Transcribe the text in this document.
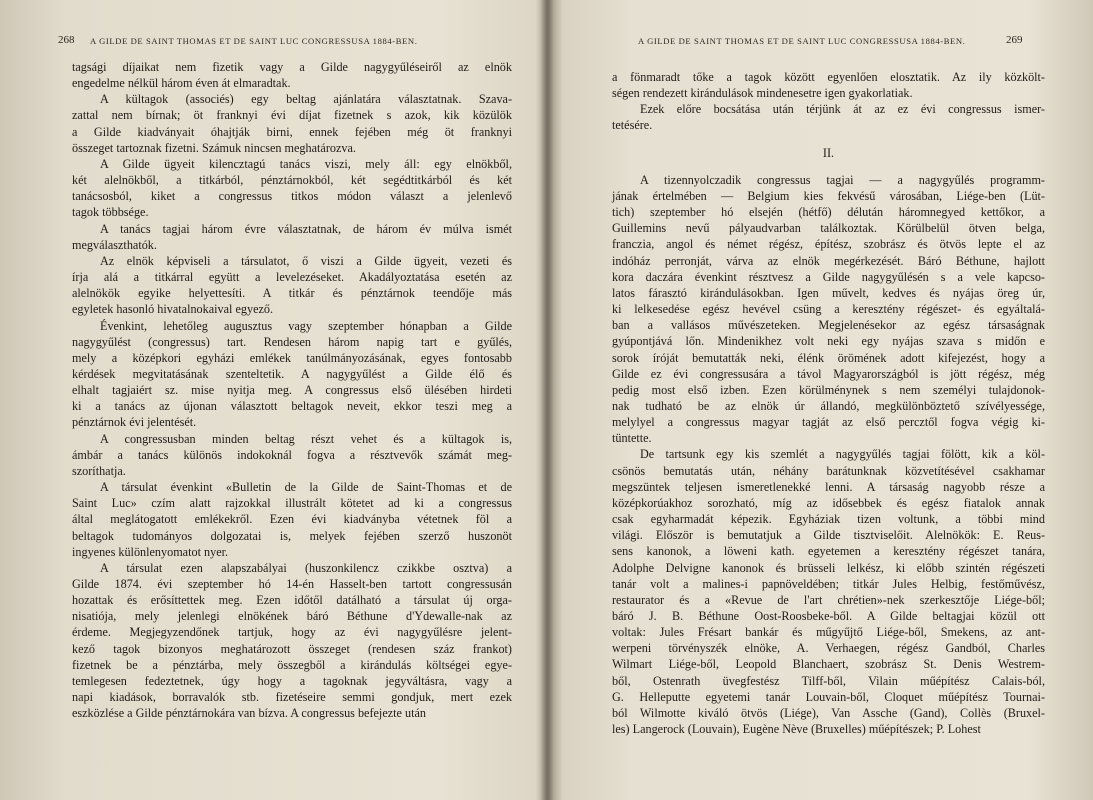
268 A GILDE DE SAINT THOMAS ET DE SAINT LUC CONGRESSUSA 1884-BEN.
tagsági díjaikat nem fizetik vagy a Gilde nagygyűléseiről az elnök
engedelme nélkül három éven át elmaradtak.
A kültagok (associés) egy beltag ajánlatára választatnak. Szava-
zattal nem bírnak; öt franknyi évi díjat fizetnek s azok, kik közülök
a Gilde kiadványait óhajtják birni, ennek fejében még öt franknyi
összeget tartoznak fizetni. Számuk nincsen meghatározva.
A Gilde ügyeit kilencztagú tanács viszi, mely áll: egy elnökből,
két alelnökből, a titkárból, pénztárnokból, két segédtitkárból és két
tanácsosból, kiket a congressus titkos módon választ a jelenlevő
tagok többsége.
A tanács tagjai három évre választatnak, de három év múlva ismét
megválaszthatók.
Az elnök képviseli a társulatot, ő viszi a Gilde ügyeit, vezeti és
írja alá a titkárral együtt a levelezéseket. Akadályoztatása esetén az
alelnökök egyike helyettesíti. A titkár és pénztárnok teendője más
egyletek hasonló hivatalnokaival egyező.
Évenkint, lehetőleg augusztus vagy szeptember hónapban a Gilde
nagygyűlést (congressus) tart. Rendesen három napig tart e gyűlés,
mely a középkori egyházi emlékek tanúlmányozásának, egyes fontosabb
kérdések megvitatásának szenteltetik. A nagygyűlést a Gilde élő és
elhalt tagjaiért sz. mise nyitja meg. A congressus első ülésében hirdeti
ki a tanács az újonan választott beltagok neveit, ekkor teszi meg a
pénztárnok évi jelentését.
A congressusban minden beltag részt vehet és a kültagok is,
ámbár a tanács különös indokoknál fogva a résztvevők számát meg-
szoríthatja.
A társulat évenkint «Bulletin de la Gilde de Saint-Thomas et de
Saint Luc» czím alatt rajzokkal illustrált kötetet ad ki a congressus
által meglátogatott emlékekről. Ezen évi kiadványba vétetnek föl a
beltagok tudományos dolgozatai is, melyek fejében szerző huszonöt
ingyenes különlenyomatot nyer.
A társulat ezen alapszabályai (huszonkilencz czikkbe osztva) a
Gilde 1874. évi szeptember hó 14-én Hasselt-ben tartott congressusán
hozattak és erősíttettek meg. Ezen időtől datálható a társulat új orga-
nisatiója, mely jelenlegi elnökének báró Béthune d'Ydewalle-nak az
érdeme. Megjegyzendőnek tartjuk, hogy az évi nagygyűlésre jelent-
kező tagok bizonyos meghatározott összeget (rendesen száz frankot)
fizetnek be a pénztárba, mely összegből a kirándulás költségei egye-
temlegesen fedeztetnek, úgy hogy a tagoknak jegyváltásra, vagy a
napi kiadások, borravalók stb. fizetéseire semmi gondjuk, mert ezek
eszközlése a Gilde pénztárnokára van bízva. A congressus befejezte után
A GILDE DE SAINT THOMAS ET DE SAINT LUC CONGRESSUSA 1884-BEN.	269
a fönmaradt tőke a tagok között egyenlően elosztatik. Az ily közkölt-
ségen rendezett kirándulások mindenesetre igen gyakorlatiak.
Ezek előre bocsátása után térjünk át az ez évi congressus ismer-
tetésére.
II.
A tizennyolczadik congressus tagjai — a nagygyűlés programm-
jának értelmében — Belgium kies fekvésű városában, Liége-ben (Lüt-
tich) szeptember hó elsején (hétfő) délután háromnegyed kettőkor, a
Guillemins nevű pályaudvarban találkoztak. Körülbelül ötven belga,
franczia, angol és német régész, építész, szobrász és ötvös lepte el az
indóház perronját, várva az elnök megérkezését. Báró Béthune, hajlott
kora daczára évenkint résztvesz a Gilde nagygyűlésén s a vele kapcso-
latos fárasztó kirándulásokban. Igen művelt, kedves és nyájas öreg úr,
ki lelkesedése egész hevével csüng a keresztény régészet- és egyáltalá-
ban a vallásos művészeteken. Megjelenésekor az egész társaságnak
gyúpontjává lőn. Mindenikhez volt neki egy nyájas szava s midőn e
sorok íróját bemutatták neki, élénk örömének adott kifejezést, hogy a
Gilde ez évi congressusára a távol Magyarországból is jött régész, még
pedig most első izben. Ezen körülménynek s nem személyi tulajdonok-
nak tudható be az elnök úr állandó, megkülönböztető szívélyessége,
melylyel a congressus magyar tagját az első percztől fogva végig ki-
tüntette.
De tartsunk egy kis szemlét a nagygyűlés tagjai fölött, kik a köl-
csönös bemutatás után, néhány barátunknak közvetítésével csakhamar
megszüntek teljesen ismeretlenekké lenni. A társaság nagyobb része a
középkorúakhoz sorozható, míg az idősebbek és egész fiatalok annak
csak egyharmadát képezik. Egyháziak tizen voltunk, a többi mind
világi. Először is bemutatjuk a Gilde tisztviselőit. Alelnökök: E. Reus-
sens kanonok, a löweni kath. egyetemen a keresztény régészet tanára,
Adolphe Delvigne kanonok és brüsseli lelkész, ki előbb szintén régészeti
tanár volt a malines-i papnöveldében; titkár Jules Helbig, festőművész,
restaurator és a «Revue de l'art chrétien»-nek szerkesztője Liége-ből;
báró J. B. Béthune Oost-Roosbeke-ből. A Gilde beltagjai közül ott
voltak: Jules Frésart bankár és műgyűjtő Liége-ből, Smekens, az ant-
werpeni törvényszék elnöke, A. Verhaegen, régész Gandból, Charles
Wilmart Liége-ből, Leopold Blanchaert, szobrász St. Denis Westrem-
ből, Ostenrath üvegfestész Tilff-ből, Vilain műépítész Calais-ból,
G. Helleputte egyetemi tanár Louvain-ből, Cloquet műépítész Tournai-
ból Wilmotte kiváló ötvös (Liége), Van Assche (Gand), Collès (Bruxel-
les) Langerock (Louvain), Eugène Nève (Bruxelles) műépítészek; P. Lohest
